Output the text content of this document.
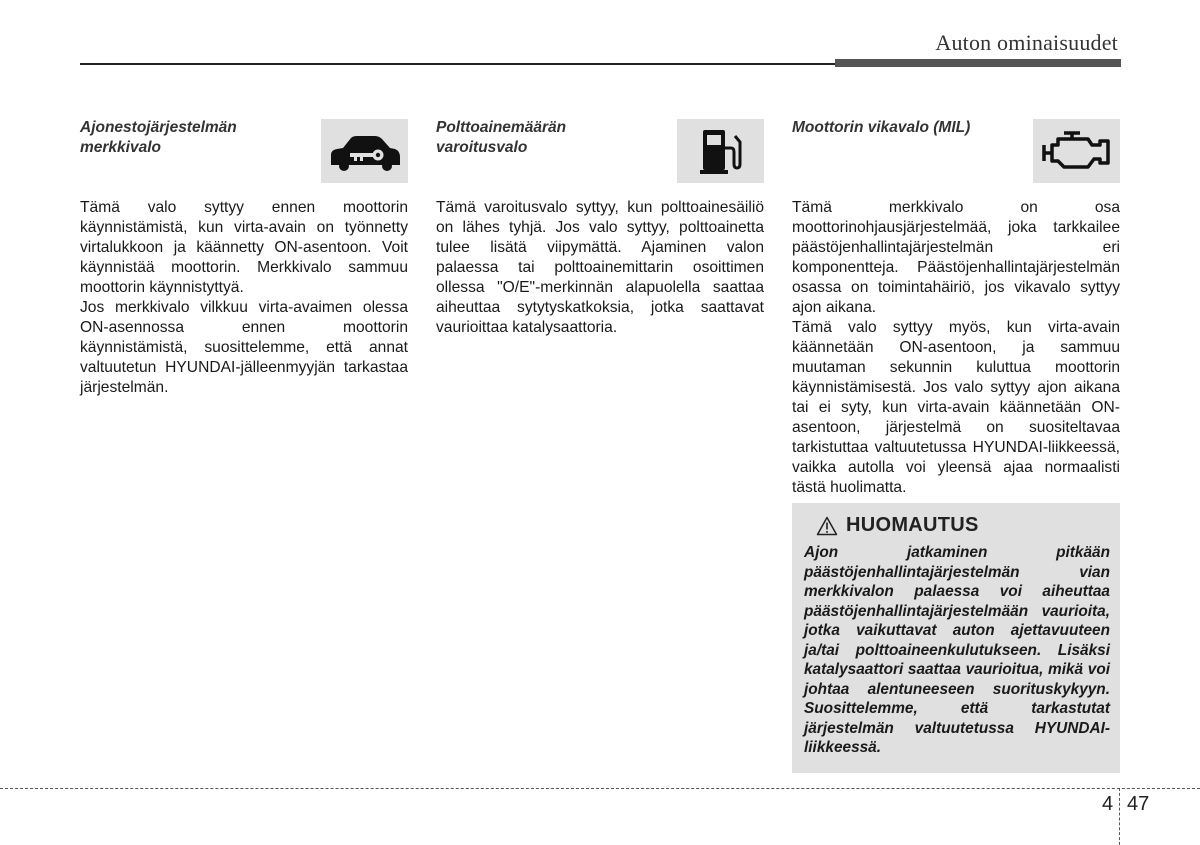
Auton ominaisuudet
Ajonestojärjestelmän merkkivalo

Tämä valo syttyy ennen moottorin käynnistämistä, kun virta-avain on työnnetty virtalukkoon ja käännetty ON-asentoon. Voit käynnistää moottorin. Merkkivalo sammuu moottorin käynnistyttyä.

Jos merkkivalo vilkkuu virta-avaimen olessa ON-asennossa ennen moottorin käynnistämistä, suosittelemme, että annat valtuutetun HYUNDAI-jälleenmyyjän tarkastaa järjestelmän.

Polttoainemäärän varoitusvalo

Tämä varoitusvalo syttyy, kun polttoainesäiliö on lähes tyhjä. Jos valo syttyy, polttoainetta tulee lisätä viipymättä. Ajaminen valon palaessa tai polttoainemittarin osoittimen ollessa "O/E"-merkinnän alapuolella saattaa aiheuttaa sytytyskatkoksia, jotka saattavat vaurioittaa katalysaattoria.

Moottorin vikavalo (MIL)

Tämä merkkivalo on osa moottorinohjausjärjestelmää, joka tarkkailee päästöjenhallintajärjestelmän eri komponentteja. Päästöjenhallintajärjestelmän osassa on toimintahäiriö, jos vikavalo syttyy ajon aikana.

Tämä valo syttyy myös, kun virta-avain käännetään ON-asentoon, ja sammuu muutaman sekunnin kuluttua moottorin käynnistämisestä. Jos valo syttyy ajon aikana tai ei syty, kun virta-avain käännetään ON-asentoon, järjestelmä on suositeltavaa tarkistuttaa valtuutetussa HYUNDAI-liikkeessä, vaikka autolla voi yleensä ajaa normaalisti tästä huolimatta.

HUOMAUTUS
Ajon jatkaminen pitkään päästöjenhallintajärjestelmän vian merkkivalon palaessa voi aiheuttaa päästöjenhallintajärjestelmään vaurioita, jotka vaikuttavat auton ajettavuuteen ja/tai polttoaineenkulutukseen. Lisäksi katalysaattori saattaa vaurioitua, mikä voi johtaa alentuneeseen suorituskykyyn. Suosittelemme, että tarkastutat järjestelmän valtuutetussa HYUNDAI-liikkeessä.
4 47
